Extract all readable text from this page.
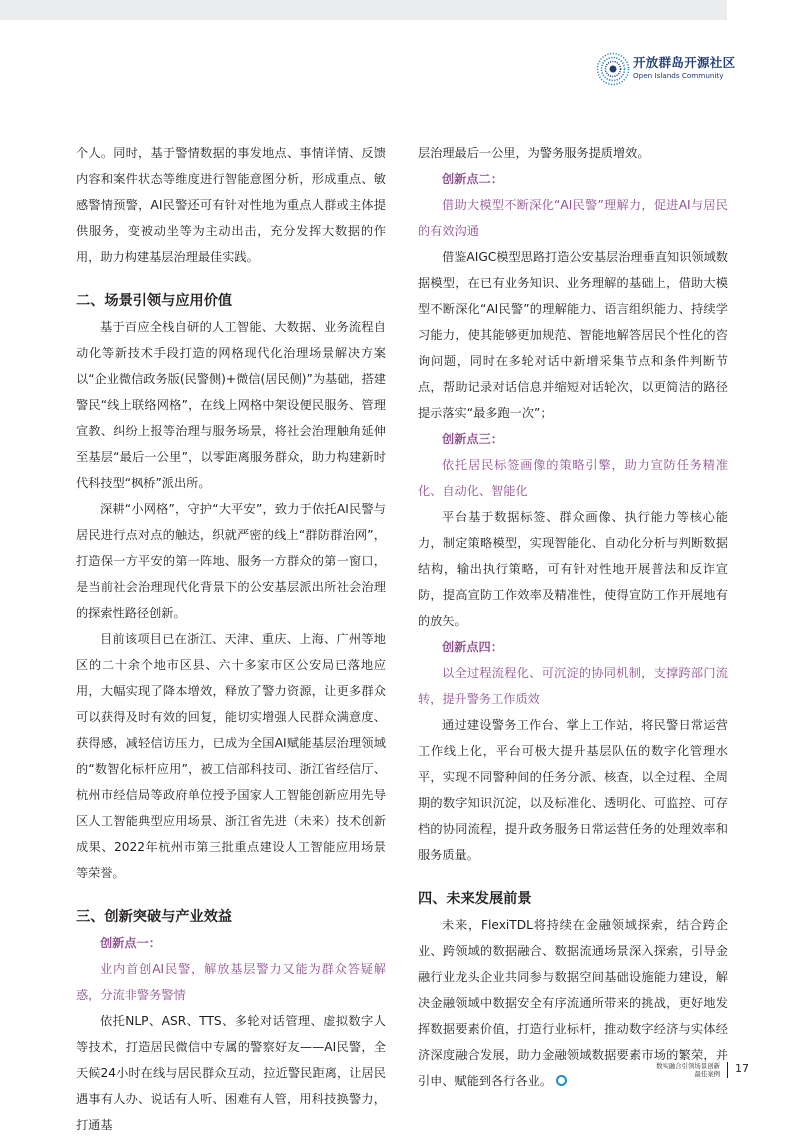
开放群岛开源社区
Open Islands Community

个人。同时，基于警情数据的事发地点、事情详情、反馈内容和案件状态等维度进行智能意图分析，形成重点、敏感警情预警，AI民警还可有针对性地为重点人群或主体提供服务，变被动坐等为主动出击，充分发挥大数据的作用，助力构建基层治理最佳实践。

二、场景引领与应用价值

基于百应全栈自研的人工智能、大数据、业务流程自动化等新技术手段打造的网格现代化治理场景解决方案以“企业微信政务版(民警侧)+微信(居民侧)”为基础，搭建警民“线上联络网格”，在线上网格中架设便民服务、管理宣教、纠纷上报等治理与服务场景，将社会治理触角延伸至基层“最后一公里”，以零距离服务群众，助力构建新时代科技型“枫桥”派出所。

深耕“小网格”，守护“大平安”，致力于依托AI民警与居民进行点对点的触达，织就严密的线上“群防群治网”，打造保一方平安的第一阵地、服务一方群众的第一窗口，是当前社会治理现代化背景下的公安基层派出所社会治理的探索性路径创新。

目前该项目已在浙江、天津、重庆、上海、广州等地区的二十余个地市区县、六十多家市区公安局已落地应用，大幅实现了降本增效，释放了警力资源，让更多群众可以获得及时有效的回复，能切实增强人民群众满意度、获得感，减轻信访压力，已成为全国AI赋能基层治理领域的“数智化标杆应用”，被工信部科技司、浙江省经信厅、杭州市经信局等政府单位授予国家人工智能创新应用先导区人工智能典型应用场景、浙江省先进（未来）技术创新成果、2022年杭州市第三批重点建设人工智能应用场景等荣誉。

三、创新突破与产业效益

创新点一：

业内首创AI民警，解放基层警力又能为群众答疑解惑，分流非警务警情

依托NLP、ASR、TTS、多轮对话管理、虚拟数字人等技术，打造居民微信中专属的警察好友——AI民警，全天候24小时在线与居民群众互动，拉近警民距离，让居民遇事有人办、说话有人听、困难有人管，用科技换警力，打通基

层治理最后一公里，为警务服务提质增效。

创新点二：

借助大模型不断深化“AI民警”理解力，促进AI与居民的有效沟通

借鉴AIGC模型思路打造公安基层治理垂直知识领域数据模型，在已有业务知识、业务理解的基础上，借助大模型不断深化“AI民警”的理解能力、语言组织能力、持续学习能力，使其能够更加规范、智能地解答居民个性化的咨询问题，同时在多轮对话中新增采集节点和条件判断节点，帮助记录对话信息并缩短对话轮次，以更简洁的路径提示落实“最多跑一次”；

创新点三：

依托居民标签画像的策略引擎，助力宣防任务精准化、自动化、智能化

平台基于数据标签、群众画像、执行能力等核心能力，制定策略模型，实现智能化、自动化分析与判断数据结构，输出执行策略，可有针对性地开展普法和反诈宣防，提高宣防工作效率及精准性，使得宣防工作开展地有的放矢。

创新点四：

以全过程流程化、可沉淀的协同机制，支撑跨部门流转，提升警务工作质效

通过建设警务工作台、掌上工作站，将民警日常运营工作线上化，平台可极大提升基层队伍的数字化管理水平，实现不同警种间的任务分派、核查，以全过程、全周期的数字知识沉淀，以及标准化、透明化、可监控、可存档的协同流程，提升政务服务日常运营任务的处理效率和服务质量。

四、未来发展前景

未来，FlexiTDL将持续在金融领域探索，结合跨企业、跨领域的数据融合、数据流通场景深入探索，引导金融行业龙头企业共同参与数据空间基础设施能力建设，解决金融领域中数据安全有序流通所带来的挑战，更好地发挥数据要素价值，打造行业标杆，推动数字经济与实体经济深度融合发展，助力金融领域数据要素市场的繁荣，并引申、赋能到各行各业。

数实融合引领场景创新
最佳案例 17
